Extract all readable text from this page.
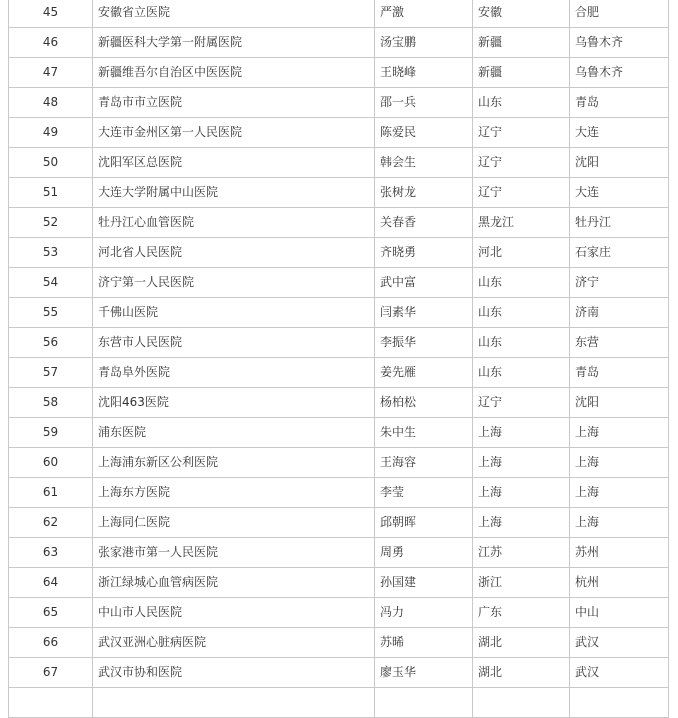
45	安徽省立医院	严激	安徽	合肥
46	新疆医科大学第一附属医院	汤宝鹏	新疆	乌鲁木齐
47	新疆维吾尔自治区中医医院	王晓峰	新疆	乌鲁木齐
48	青岛市市立医院	邵一兵	山东	青岛
49	大连市金州区第一人民医院	陈爱民	辽宁	大连
50	沈阳军区总医院	韩会生	辽宁	沈阳
51	大连大学附属中山医院	张树龙	辽宁	大连
52	牡丹江心血管医院	关春香	黑龙江	牡丹江
53	河北省人民医院	齐晓勇	河北	石家庄
54	济宁第一人民医院	武中富	山东	济宁
55	千佛山医院	闫素华	山东	济南
56	东营市人民医院	李振华	山东	东营
57	青岛阜外医院	姜先雁	山东	青岛
58	沈阳463医院	杨柏松	辽宁	沈阳
59	浦东医院	朱中生	上海	上海
60	上海浦东新区公利医院	王海容	上海	上海
61	上海东方医院	李莹	上海	上海
62	上海同仁医院	邱朝晖	上海	上海
63	张家港市第一人民医院	周勇	江苏	苏州
64	浙江绿城心血管病医院	孙国建	浙江	杭州
65	中山市人民医院	冯力	广东	中山
66	武汉亚洲心脏病医院	苏晞	湖北	武汉
67	武汉市协和医院	廖玉华	湖北	武汉
